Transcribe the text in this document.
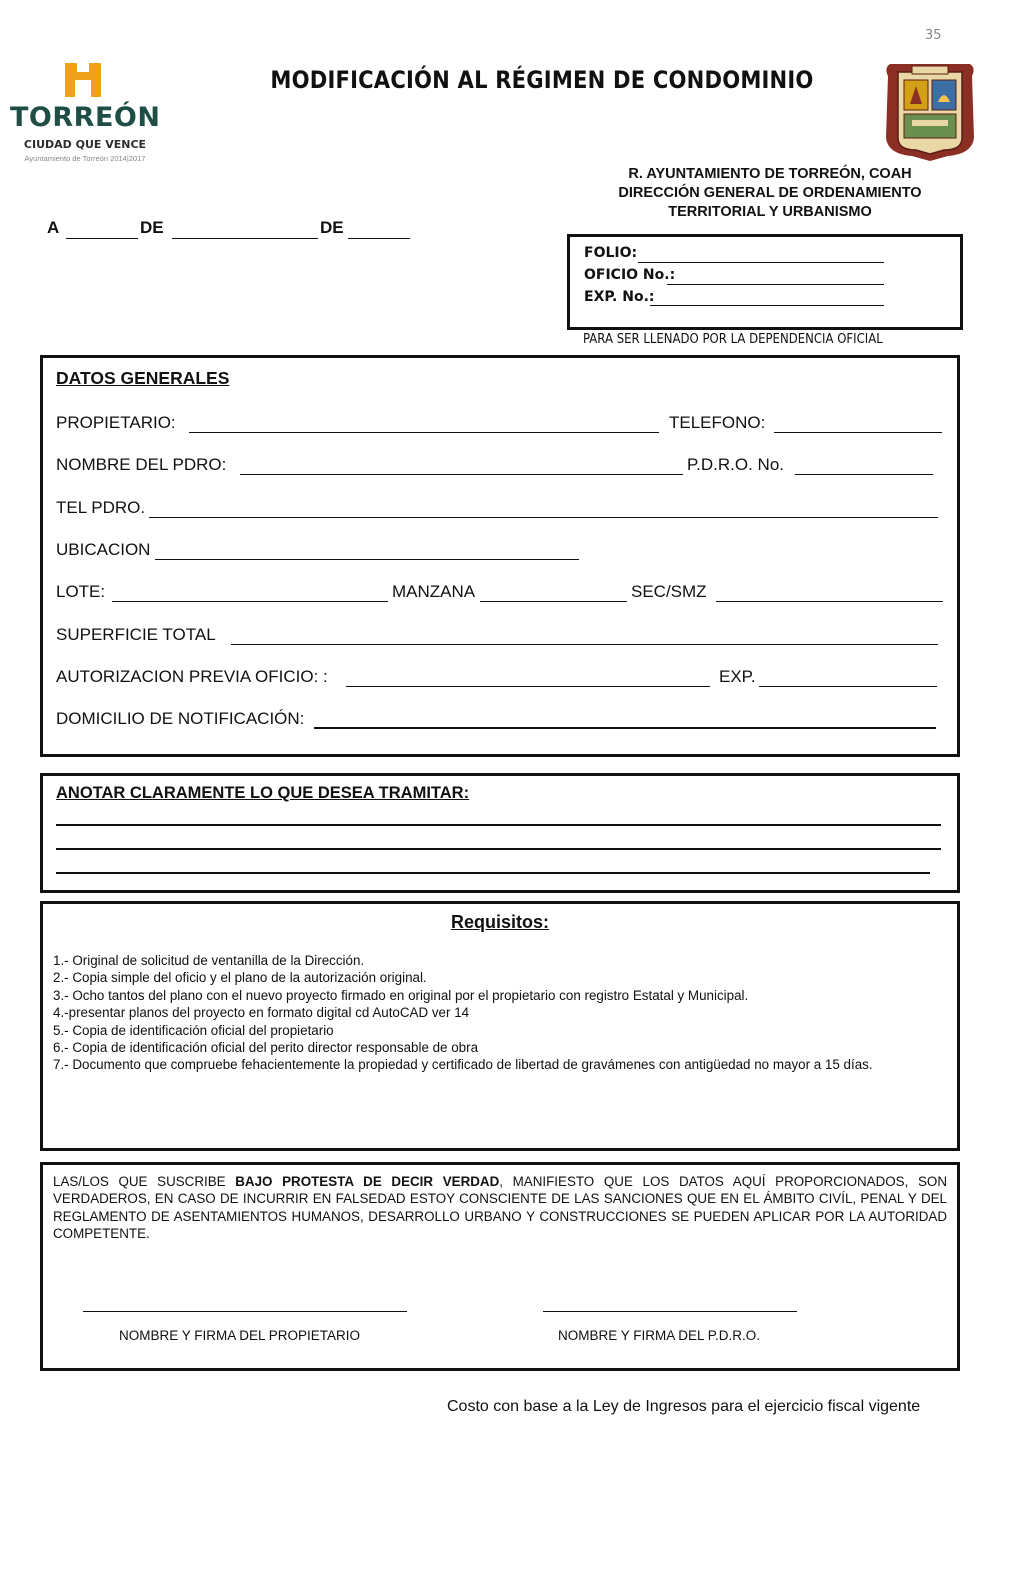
35
TORREÓN
CIUDAD QUE VENCE
Ayuntamiento de Torreón 2014|2017
MODIFICACIÓN AL RÉGIMEN DE CONDOMINIO
R. AYUNTAMIENTO DE TORREÓN, COAH
DIRECCIÓN GENERAL DE ORDENAMIENTO
TERRITORIAL Y URBANISMO
A	DE	DE
FOLIO:
OFICIO No.:
EXP. No.:
PARA SER LLENADO POR LA DEPENDENCIA OFICIAL
DATOS GENERALES
PROPIETARIO:	TELEFONO:
NOMBRE DEL PDRO:	P.D.R.O. No.
TEL PDRO.
UBICACION
LOTE:	MANZANA	SEC/SMZ
SUPERFICIE TOTAL
AUTORIZACION PREVIA OFICIO: :	EXP.
DOMICILIO DE NOTIFICACIÓN:
ANOTAR CLARAMENTE LO QUE DESEA TRAMITAR:
Requisitos:
1.- Original de solicitud de ventanilla de la Dirección.
2.- Copia simple del oficio y el plano de la autorización original.
3.- Ocho tantos del plano con el nuevo proyecto firmado en original por el propietario con registro Estatal y Municipal.
4.-presentar planos del proyecto en formato digital cd AutoCAD ver 14
5.- Copia de identificación oficial del propietario
6.- Copia de identificación oficial del perito director responsable de obra
7.- Documento que compruebe fehacientemente la propiedad y certificado de libertad de gravámenes con antigüedad no mayor a 15 días.
LAS/LOS QUE SUSCRIBE BAJO PROTESTA DE DECIR VERDAD, MANIFIESTO QUE LOS DATOS AQUÍ PROPORCIONADOS, SON VERDADEROS, EN CASO DE INCURRIR EN FALSEDAD ESTOY CONSCIENTE DE LAS SANCIONES QUE EN EL ÁMBITO CIVÍL, PENAL Y DEL REGLAMENTO DE ASENTAMIENTOS HUMANOS, DESARROLLO URBANO Y CONSTRUCCIONES SE PUEDEN APLICAR POR LA AUTORIDAD COMPETENTE.
NOMBRE Y FIRMA DEL PROPIETARIO	NOMBRE Y FIRMA DEL P.D.R.O.
Costo con base a la Ley de Ingresos para el ejercicio fiscal vigente
